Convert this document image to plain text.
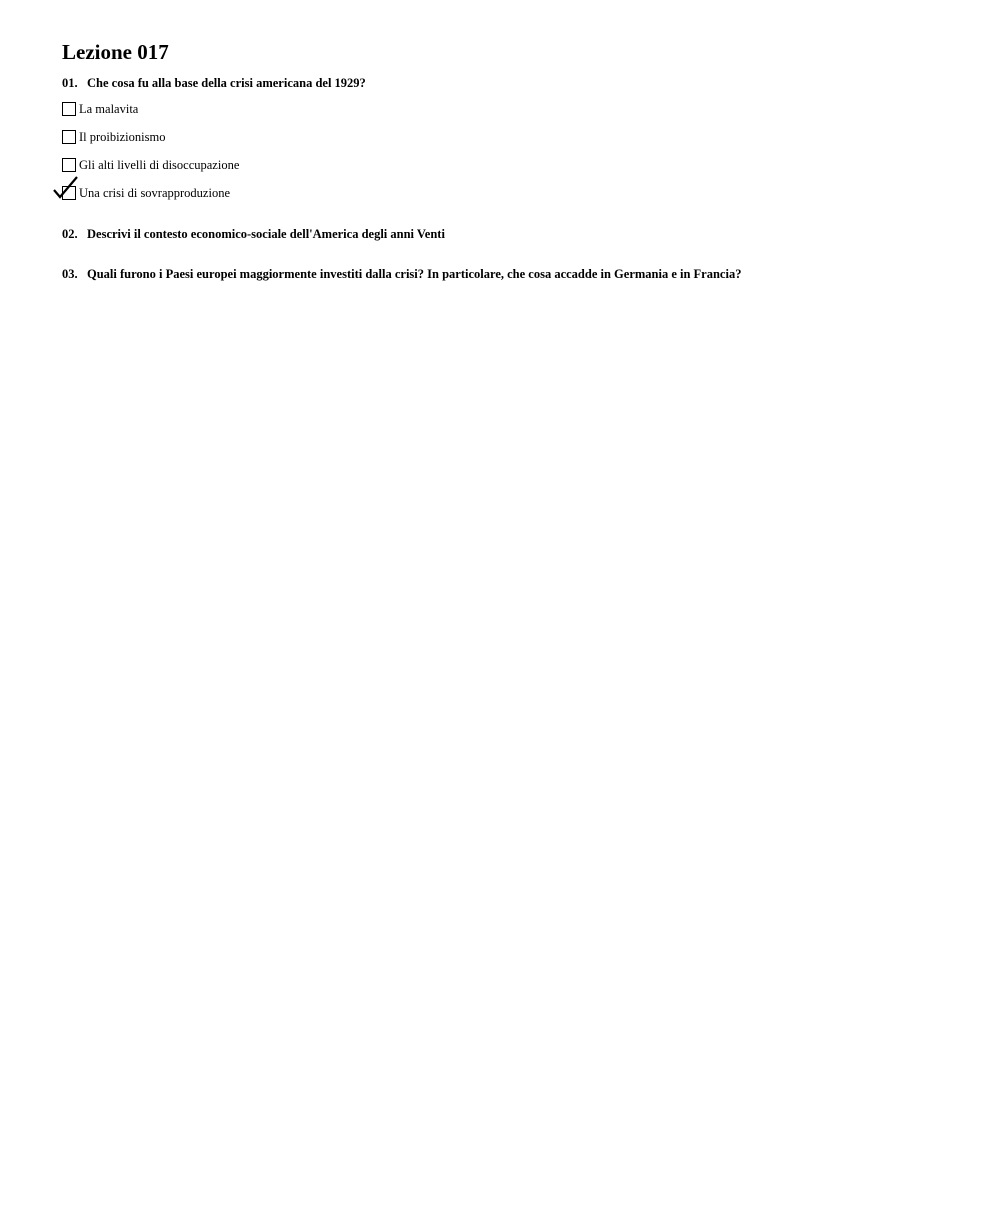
Lezione 017
01. Che cosa fu alla base della crisi americana del 1929?
La malavita
Il proibizionismo
Gli alti livelli di disoccupazione
Una crisi di sovrapproduzione
02. Descrivi il contesto economico-sociale dell'America degli anni Venti
03. Quali furono i Paesi europei maggiormente investiti dalla crisi? In particolare, che cosa accadde in Germania e in Francia?
